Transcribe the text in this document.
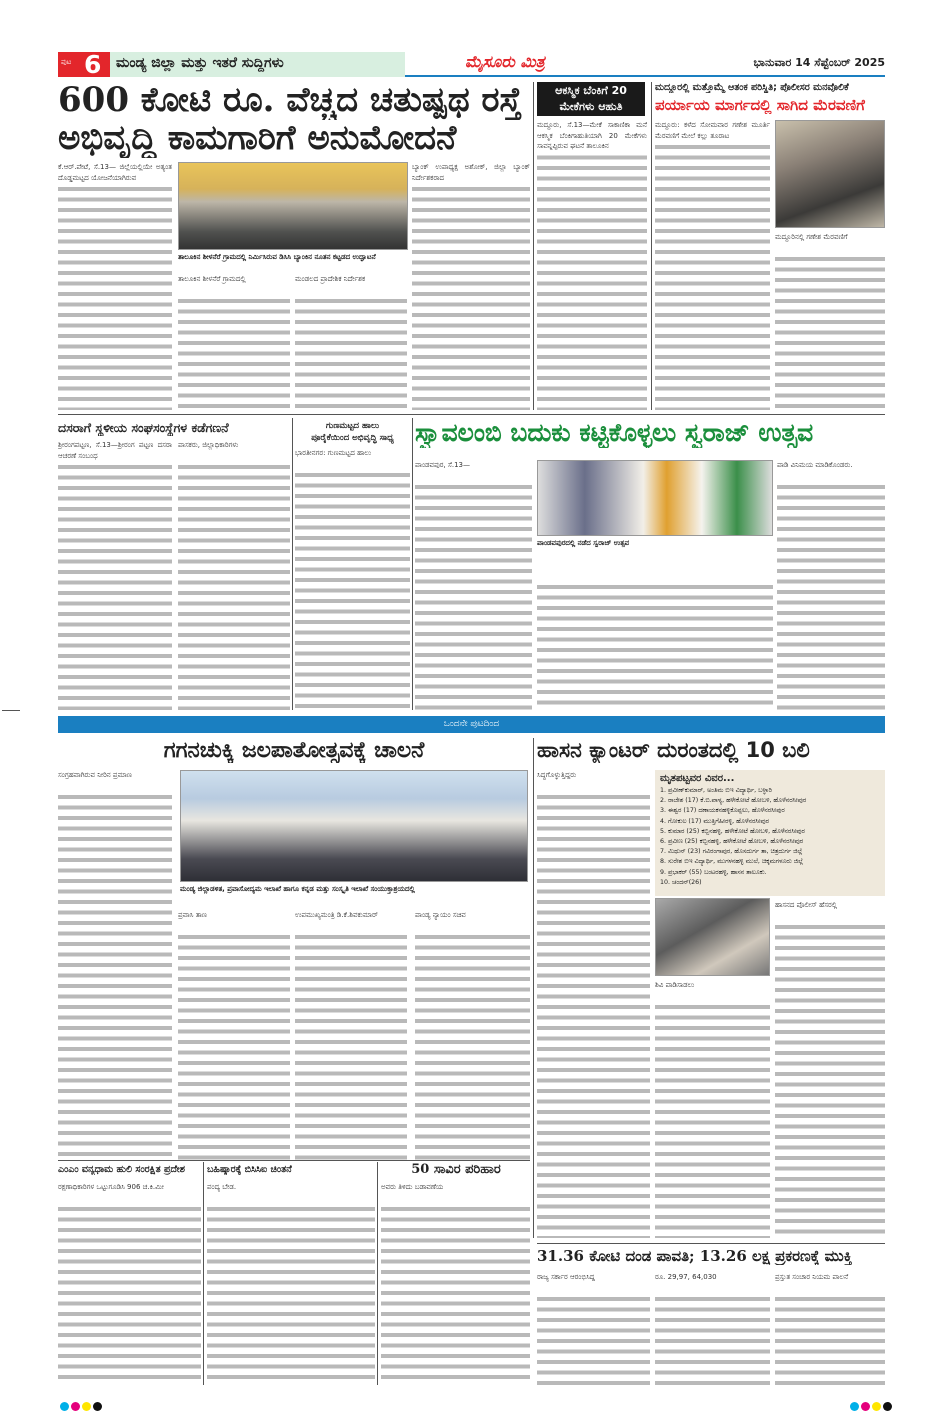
ಪುಟ 6	ಮಂಡ್ಯ ಜಿಲ್ಲಾ ಮತ್ತು ಇತರೆ ಸುದ್ದಿಗಳು	ಮೈಸೂರು ಮಿತ್ರ	ಭಾನುವಾರ 14 ಸೆಪ್ಟೆಂಬರ್ 2025
600 ಕೋಟಿ ರೂ. ವೆಚ್ಚದ ಚತುಷ್ಪಥ ರಸ್ತೆ
ಅಭಿವೃದ್ಧಿ ಕಾಮಗಾರಿಗೆ ಅನುಮೋದನೆ
ಕೆ.ಆರ್.ಪೇಟೆ, ಸೆ.13— ಜಿಲ್ಲೆಯಲ್ಲಿಯೇ ಅತ್ಯಂತ ದೊಡ್ಡಮಟ್ಟದ ಯೋಜನೆಯಾಗಿರುವ
ತಾಲೂಕಿನ ಶೀಳನೆರೆ ಗ್ರಾಮದಲ್ಲಿ ನಿರ್ಮಿಸಿರುವ ಡಿಸಿಸಿ ಬ್ಯಾಂಕಿನ ನೂತನ ಕಟ್ಟಡದ ಉದ್ಘಾಟನೆ
ತಾಲೂಕಿನ ಶೀಳನೆರೆ ಗ್ರಾಮದಲ್ಲಿ	ಮಂಡಲದ ಪ್ರಾದೇಶಿಕ ನಿರ್ದೇಶಕ
ಬ್ಯಾಂಕ್ ಉಪಾಧ್ಯಕ್ಷ ಅಶೋಕ್, ಜಿಲ್ಲಾ ಬ್ಯಾಂಕ್ ನಿರ್ದೇಶಕರಾದ
ಆಕಸ್ಮಿಕ ಬೆಂಕಿಗೆ 20
ಮೇಕೆಗಳು ಆಹುತಿ
ಮದ್ದೂರು, ಸೆ.13—ಮೇಕೆ ಸಾಕಾಣಿಕಾ ಮನೆ ಆಕಸ್ಮಿಕ ಬೆಂಕಿಗಾಹುತಿಯಾಗಿ 20 ಮೇಕೆಗಳು ಸಾವನ್ನಪ್ಪಿರುವ ಘಟನೆ ತಾಲೂಕಿನ
ಮದ್ದೂರಲ್ಲಿ ಮತ್ತೊಮ್ಮೆ ಆತಂಕ ಪರಿಸ್ಥಿತಿ; ಪೊಲೀಸರ ಮನವೊಲಿಕೆ
ಪರ್ಯಾಯ ಮಾರ್ಗದಲ್ಲಿ ಸಾಗಿದ ಮೆರವಣಿಗೆ
ಮದ್ದೂರು: ಕಳೆದ ಸೋಮವಾರ ಗಣೇಶ ಮೂರ್ತಿ ಮೆರವಣಿಗೆ ಮೇಲೆ ಕಲ್ಲು ತೂರಾಟ
ಮದ್ದೂರಿನಲ್ಲಿ ಗಣೇಶ ಮೆರವಣಿಗೆ
ದಸರಾಗೆ ಸ್ಥಳೀಯ ಸಂಘಸಂಸ್ಥೆಗಳ ಕಡೆಗಣನೆ
ಶ್ರೀರಂಗಪಟ್ಟಣ, ಸೆ.13—ಶ್ರೀರಂಗ ಪಟ್ಟಣ ದಸರಾ ಆಚರಣೆ ಸಂಬಂಧ
ಪಾಸಕರು, ಜಿಲ್ಲಾಧಿಕಾರಿಗಳು
ಗುಣಮಟ್ಟದ ಹಾಲು
ಪೂರೈಕೆಯಿಂದ ಅಭಿವೃದ್ಧಿ ಸಾಧ್ಯ
ಭಾರತೀನಗರ: ಗುಣಮಟ್ಟದ ಹಾಲು
ಸ್ವಾವಲಂಬಿ ಬದುಕು ಕಟ್ಟಿಕೊಳ್ಳಲು ಸ್ವರಾಜ್ ಉತ್ಸವ
ಪಾಂಡವಪುರ, ಸೆ.13—
ಪಾಂಡವಪುರದಲ್ಲಿ ನಡೆದ ಸ್ವರಾಜ್ ಉತ್ಸವ
ಪಾಡಿ ವಿನಿಮಯ ಮಾಡಿಕೊಂಡರು.
ಒಂದನೇ ಪುಟದಿಂದ
ಗಗನಚುಕ್ಕಿ ಜಲಪಾತೋತ್ಸವಕ್ಕೆ ಚಾಲನೆ
ಸಂಗ್ರಹವಾಗಿರುವ ನೀರಿನ ಪ್ರಮಾಣ
ಮಂಡ್ಯ ಜಿಲ್ಲಾಡಳಿತ, ಪ್ರವಾಸೋದ್ಯಮ ಇಲಾಖೆ ಹಾಗೂ ಕನ್ನಡ ಮತ್ತು ಸಂಸ್ಕೃತಿ ಇಲಾಖೆ ಸಂಯುಕ್ತಾಶ್ರಯದಲ್ಲಿ
ಪ್ರವಾಸಿ ತಾಣ	ಉಪಮುಖ್ಯಮಂತ್ರಿ ಡಿ.ಕೆ.ಶಿವಕುಮಾರ್	ಪಾಂಡ್ಯ ನ್ಯಾಯಂ ಸಚಿವ
ಹಾಸನ ಕ್ಯಾಂಟರ್ ದುರಂತದಲ್ಲಿ 10 ಬಲಿ
ಸಿದ್ಧಗೊಳ್ಳುತ್ತಿದ್ದರು	ಮೃತಪಟ್ಟವರ ವಿವರ...
1. ಪ್ರವೀಣ್‌ಕುಮಾರ್, ಅಂತಿಮ ಬಿಇ ವಿದ್ಯಾರ್ಥಿ, ಬಳ್ಳಾರಿ
2. ರಾಜೇಶ (17) ಕೆ.ಬಿ.ಪಾಳ್ಯ, ಹಳೇಕೋಟೆ ಹೋಬಳಿ, ಹೊಳೆನರಸೀಪುರ
3. ಈಶ್ವರ (17) ದಣಾಯಕನಹಳ್ಳಿಕೊಪ್ಪಲು, ಹೊಳೆನರಸೀಪುರ
4. ಗೋಕುಲ (17) ಮುತ್ತಿಗೆಹೀರಳ್ಳಿ, ಹೊಳೆನರಸೀಪುರ
5. ಕುಮಾರ (25) ಕಬ್ಬಿನಹಳ್ಳಿ, ಹಳೇಕೋಟೆ ಹೋಬಳಿ, ಹೊಳೆನರಸೀಪುರ
6. ಪ್ರವೀಣ (25) ಕಬ್ಬಿನಹಳ್ಳಿ, ಹಳೇಕೋಟೆ ಹೋಬಳಿ, ಹೊಳೆನರಸೀಪುರ
7. ಮಿಥುನ್ (23) ಗವಿರಂಗಾಪುರ, ಹೊಸದುರ್ಗ ತಾ, ಚಿತ್ರದುರ್ಗ ಜಿಲ್ಲೆ
8. ಸುರೇಶ ಬಿಇ ವಿದ್ಯಾರ್ಥಿ, ಮುಗಳನಹಳ್ಳಿ ಮುಲೆ, ಚಿಕ್ಕಮಗಳೂರು ಜಿಲ್ಲೆ
9. ಪ್ರಭಾಕರ್ (55) ಬಂಟರಹಳ್ಳಿ, ಹಾಸನ ತಾಲೂಕು.
10. ಚಂದನ್(26)
ಶಿವಿ ಪಾಡಿಸಾಡಲು
ಹಾಸನದ ಪೊಲೀಸ್ ಹೆಸರಲ್ಲಿ
ಎಂಎಂ ವನ್ಯಧಾಮ ಹುಲಿ ಸಂರಕ್ಷಿತ ಪ್ರದೇಶ
ರಕ್ಷಣಾಧಿಕಾರಿಗಳ ಒಟ್ಟುಗೂಡಿಸಿ 906 ಚ.ಕಿ.ಮೀ
ಬಹಿಷ್ಕಾರಕ್ಕೆ ಬಿಸಿಸಿಐ ಚಿಂತನೆ
ಪಂದ್ಯ ಬೇಡ.
50 ಸಾವಿರ ಪರಿಹಾರ
ಅವರು ತಿಳಿದು ಬಡಾವಣೆಯ
31.36 ಕೋಟಿ ದಂಡ ಪಾವತಿ; 13.26 ಲಕ್ಷ ಪ್ರಕರಣಕ್ಕೆ ಮುಕ್ತಿ
ರಾಜ್ಯ ಸರ್ಕಾರ ಆರಂಭಿಸಿದ್ದ	ರೂ. 29,97, 64,030	ಪ್ರಸ್ತುತ ಸಂಚಾರ ನಿಯಮ ಪಾಲನೆ
